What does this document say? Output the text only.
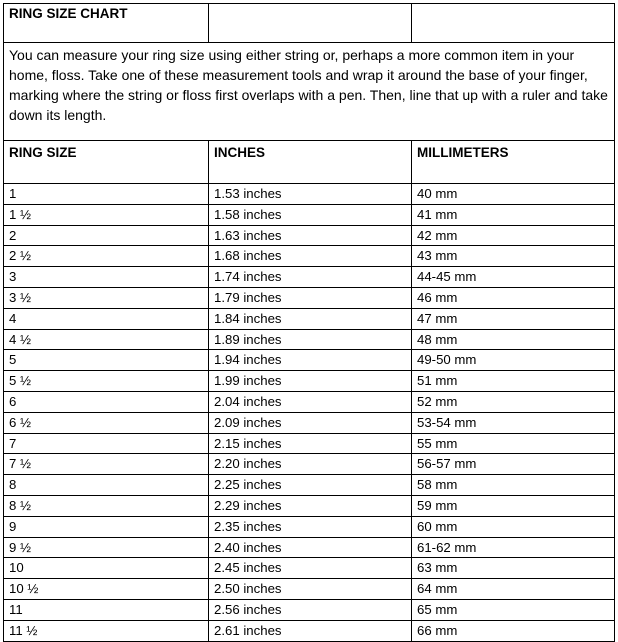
RING SIZE CHART		
You can measure your ring size using either string or, perhaps a more common item in your home, floss. Take one of these measurement tools and wrap it around the base of your finger, marking where the string or floss first overlaps with a pen. Then, line that up with a ruler and take down its length.		
RING SIZE	INCHES	MILLIMETERS
1	1.53 inches	40 mm
1 ½	1.58 inches	41 mm
2	1.63 inches	42 mm
2 ½	1.68 inches	43 mm
3	1.74 inches	44-45 mm
3 ½	1.79 inches	46 mm
4	1.84 inches	47 mm
4 ½	1.89 inches	48 mm
5	1.94 inches	49-50 mm
5 ½	1.99 inches	51 mm
6	2.04 inches	52 mm
6 ½	2.09 inches	53-54 mm
7	2.15 inches	55 mm
7 ½	2.20 inches	56-57 mm
8	2.25 inches	58 mm
8 ½	2.29 inches	59 mm
9	2.35 inches	60 mm
9 ½	2.40 inches	61-62 mm
10	2.45 inches	63 mm
10 ½	2.50 inches	64 mm
11	2.56 inches	65 mm
11 ½	2.61 inches	66 mm
